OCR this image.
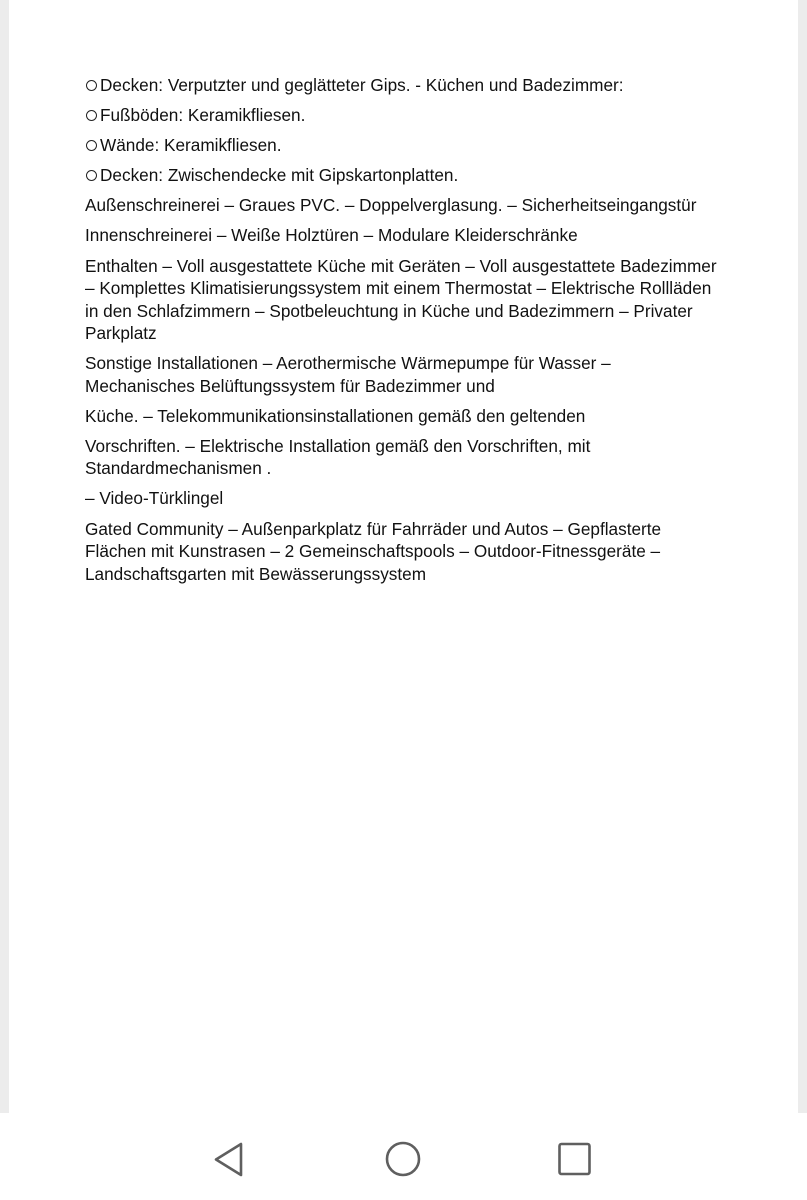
Decken: Verputzter und geglätteter Gips. - Küchen und Badezimmer:
Fußböden: Keramikfliesen.
Wände: Keramikfliesen.
Decken: Zwischendecke mit Gipskartonplatten.
Außenschreinerei – Graues PVC. – Doppelverglasung. – Sicherheitseingangstür
Innenschreinerei – Weiße Holztüren – Modulare Kleiderschränke
Enthalten – Voll ausgestattete Küche mit Geräten – Voll ausgestattete Badezimmer – Komplettes Klimatisierungssystem mit einem Thermostat – Elektrische Rollläden in den Schlafzimmern – Spotbeleuchtung in Küche und Badezimmern – Privater Parkplatz
Sonstige Installationen – Aerothermische Wärmepumpe für Wasser – Mechanisches Belüftungssystem für Badezimmer und
Küche. – Telekommunikationsinstallationen gemäß den geltenden
Vorschriften. – Elektrische Installation gemäß den Vorschriften, mit Standardmechanismen .
– Video-Türklingel
Gated Community – Außenparkplatz für Fahrräder und Autos – Gepflasterte Flächen mit Kunstrasen – 2 Gemeinschaftspools – Outdoor-Fitnessgeräte – Landschaftsgarten mit Bewässerungssystem
